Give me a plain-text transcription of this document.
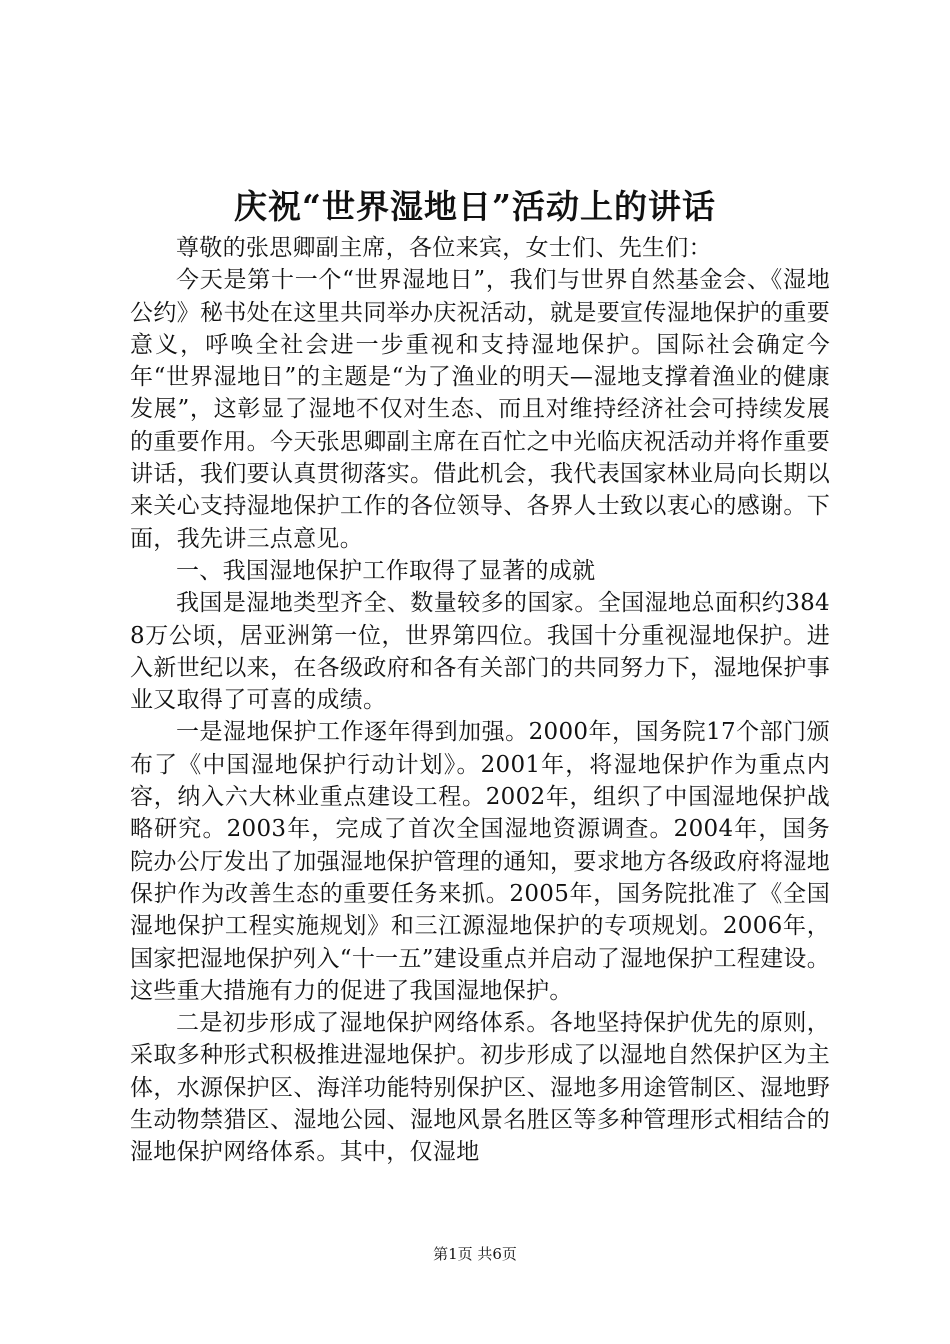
庆祝“世界湿地日”活动上的讲话

尊敬的张思卿副主席，各位来宾，女士们、先生们：

今天是第十一个“世界湿地日”，我们与世界自然基金会、《湿地公约》秘书处在这里共同举办庆祝活动，就是要宣传湿地保护的重要意义，呼唤全社会进一步重视和支持湿地保护。国际社会确定今年“世界湿地日”的主题是“为了渔业的明天—湿地支撑着渔业的健康发展”，这彰显了湿地不仅对生态、而且对维持经济社会可持续发展的重要作用。今天张思卿副主席在百忙之中光临庆祝活动并将作重要讲话，我们要认真贯彻落实。借此机会，我代表国家林业局向长期以来关心支持湿地保护工作的各位领导、各界人士致以衷心的感谢。下面，我先讲三点意见。

一、我国湿地保护工作取得了显著的成就

我国是湿地类型齐全、数量较多的国家。全国湿地总面积约3848万公顷，居亚洲第一位，世界第四位。我国十分重视湿地保护。进入新世纪以来，在各级政府和各有关部门的共同努力下，湿地保护事业又取得了可喜的成绩。

一是湿地保护工作逐年得到加强。2000年，国务院17个部门颁布了《中国湿地保护行动计划》。2001年，将湿地保护作为重点内容，纳入六大林业重点建设工程。2002年，组织了中国湿地保护战略研究。2003年，完成了首次全国湿地资源调查。2004年，国务院办公厅发出了加强湿地保护管理的通知，要求地方各级政府将湿地保护作为改善生态的重要任务来抓。2005年，国务院批准了《全国湿地保护工程实施规划》和三江源湿地保护的专项规划。2006年，国家把湿地保护列入“十一五”建设重点并启动了湿地保护工程建设。这些重大措施有力的促进了我国湿地保护。

二是初步形成了湿地保护网络体系。各地坚持保护优先的原则，采取多种形式积极推进湿地保护。初步形成了以湿地自然保护区为主体，水源保护区、海洋功能特别保护区、湿地多用途管制区、湿地野生动物禁猎区、湿地公园、湿地风景名胜区等多种管理形式相结合的湿地保护网络体系。其中，仅湿地

第1页 共6页
